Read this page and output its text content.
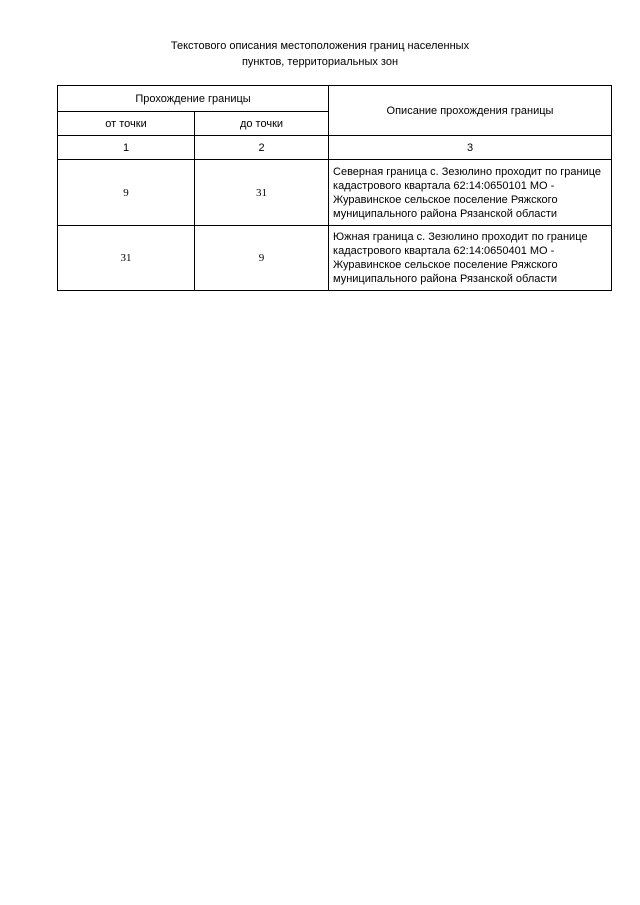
Текстового описания местоположения границ населенных
пунктов, территориальных зон
Прохождение границы		Описание прохождения границы
от точки	до точки	
1	2	3
9	31	Северная граница с. Зезюлино проходит по границе кадастрового квартала 62:14:0650101 МО - Журавинское сельское поселение Ряжского муниципального района Рязанской области
31	9	Южная граница с. Зезюлино проходит по границе кадастрового квартала 62:14:0650401 МО - Журавинское сельское поселение Ряжского муниципального района Рязанской области
